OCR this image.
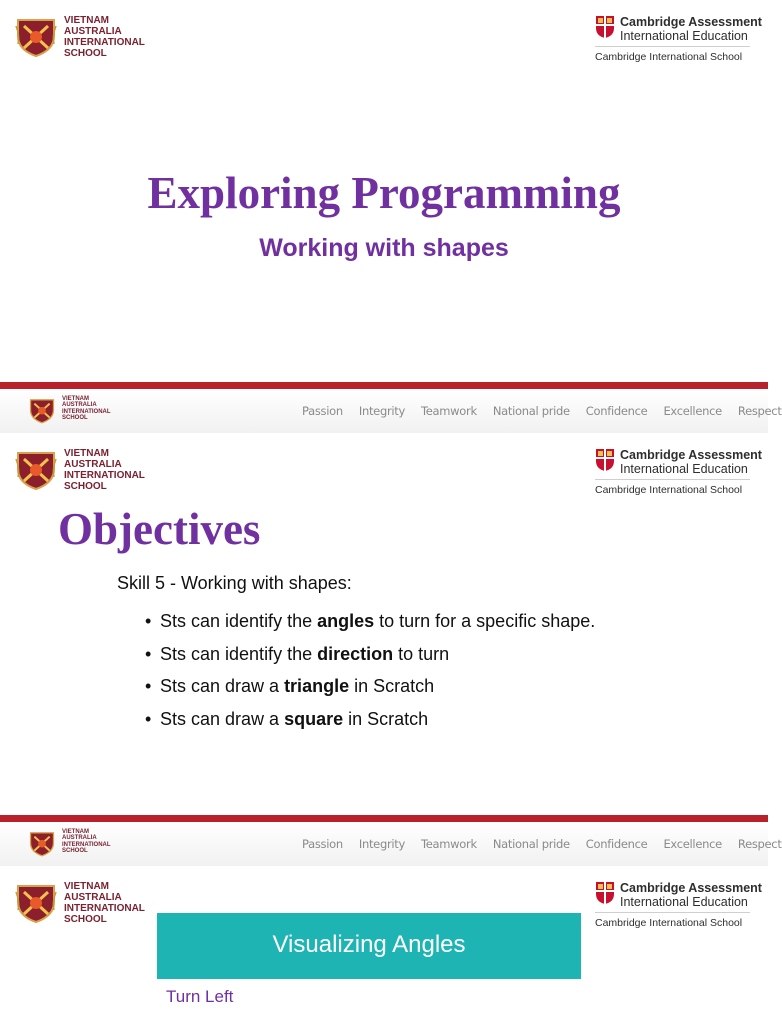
VIETNAM
AUSTRALIA
INTERNATIONAL
SCHOOL
Cambridge Assessment
International Education
Cambridge International School
Exploring Programming
Working with shapes
VIETNAM
AUSTRALIA
INTERNATIONAL
SCHOOL
Passion Integrity Teamwork National pride Confidence Excellence Respect
VIETNAM
AUSTRALIA
INTERNATIONAL
SCHOOL
Cambridge Assessment
International Education
Cambridge International School
Objectives
Skill 5 - Working with shapes:
• Sts can identify the angles to turn for a specific shape.
• Sts can identify the direction to turn
• Sts can draw a triangle in Scratch
• Sts can draw a square in Scratch
VIETNAM
AUSTRALIA
INTERNATIONAL
SCHOOL
Passion Integrity Teamwork National pride Confidence Excellence Respect
VIETNAM
AUSTRALIA
INTERNATIONAL
SCHOOL
Cambridge Assessment
International Education
Cambridge International School
Visualizing Angles
Turn Left
